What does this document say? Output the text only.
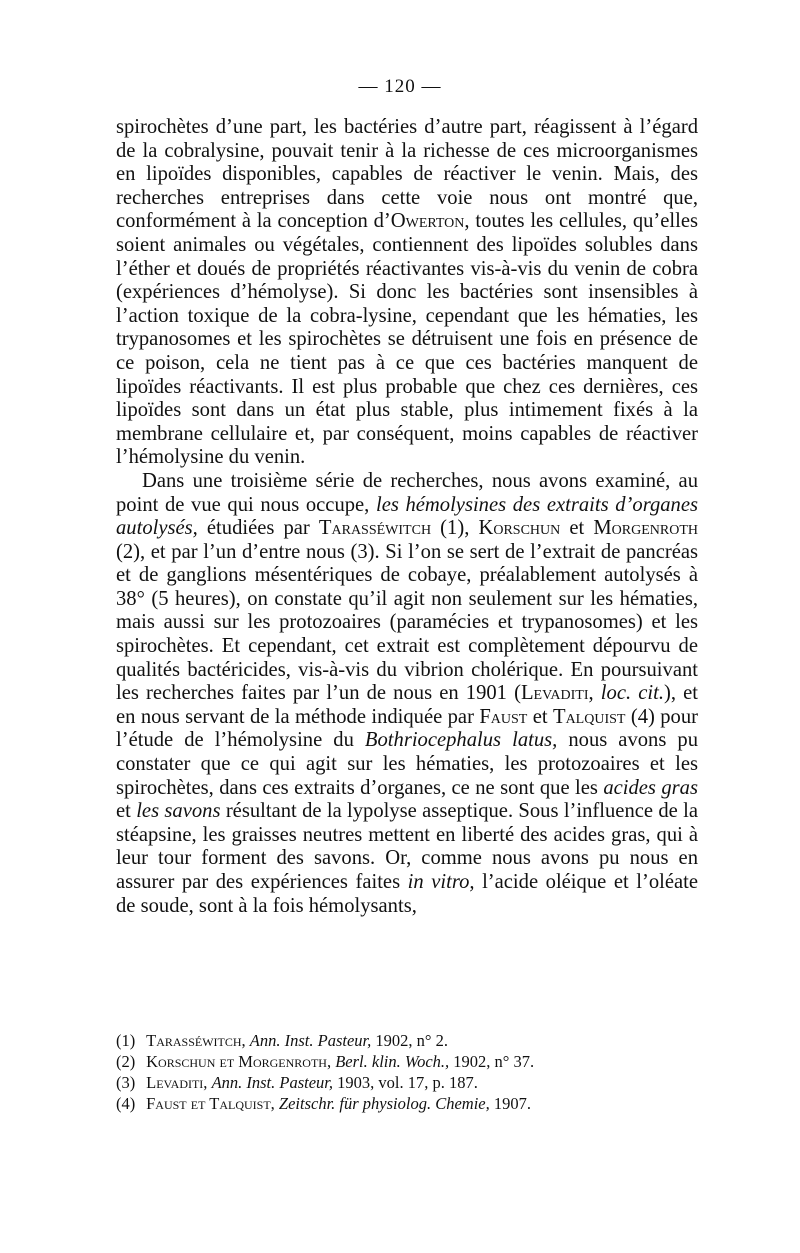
— 120 —

spirochètes d’une part, les bactéries d’autre part, réagissent à l’égard de la cobralysine, pouvait tenir à la richesse de ces microorganismes en lipoïdes disponibles, capables de réactiver le venin. Mais, des recherches entreprises dans cette voie nous ont montré que, conformément à la conception d’Owerton, toutes les cellules, qu’elles soient animales ou végétales, contiennent des lipoïdes solubles dans l’éther et doués de propriétés réactivantes vis-à-vis du venin de cobra (expériences d’hémolyse). Si donc les bactéries sont insensibles à l’action toxique de la cobra-lysine, cependant que les hématies, les trypanosomes et les spirochètes se détruisent une fois en présence de ce poison, cela ne tient pas à ce que ces bactéries manquent de lipoïdes réactivants. Il est plus probable que chez ces dernières, ces lipoïdes sont dans un état plus stable, plus intimement fixés à la membrane cellulaire et, par conséquent, moins capables de réactiver l’hémolysine du venin.

Dans une troisième série de recherches, nous avons examiné, au point de vue qui nous occupe, les hémolysines des extraits d’organes autolysés, étudiées par Tarasséwitch (1), Korschun et Morgenroth (2), et par l’un d’entre nous (3). Si l’on se sert de l’extrait de pancréas et de ganglions mésentériques de cobaye, préalablement autolysés à 38° (5 heures), on constate qu’il agit non seulement sur les hématies, mais aussi sur les protozoaires (paramécies et trypanosomes) et les spirochètes. Et cependant, cet extrait est complètement dépourvu de qualités bactéricides, vis-à-vis du vibrion cholérique. En poursuivant les recherches faites par l’un de nous en 1901 (Levaditi, loc. cit.), et en nous servant de la méthode indiquée par Faust et Talquist (4) pour l’étude de l’hémolysine du Bothriocephalus latus, nous avons pu constater que ce qui agit sur les hématies, les protozoaires et les spirochètes, dans ces extraits d’organes, ce ne sont que les acides gras et les savons résultant de la lypolyse asseptique. Sous l’influence de la stéapsine, les graisses neutres mettent en liberté des acides gras, qui à leur tour forment des savons. Or, comme nous avons pu nous en assurer par des expériences faites in vitro, l’acide oléique et l’oléate de soude, sont à la fois hémolysants,

(1) Tarasséwitch, Ann. Inst. Pasteur, 1902, n° 2.
(2) Korschun et Morgenroth, Berl. klin. Woch., 1902, n° 37.
(3) Levaditi, Ann. Inst. Pasteur, 1903, vol. 17, p. 187.
(4) Faust et Talquist, Zeitschr. für physiolog. Chemie, 1907.
